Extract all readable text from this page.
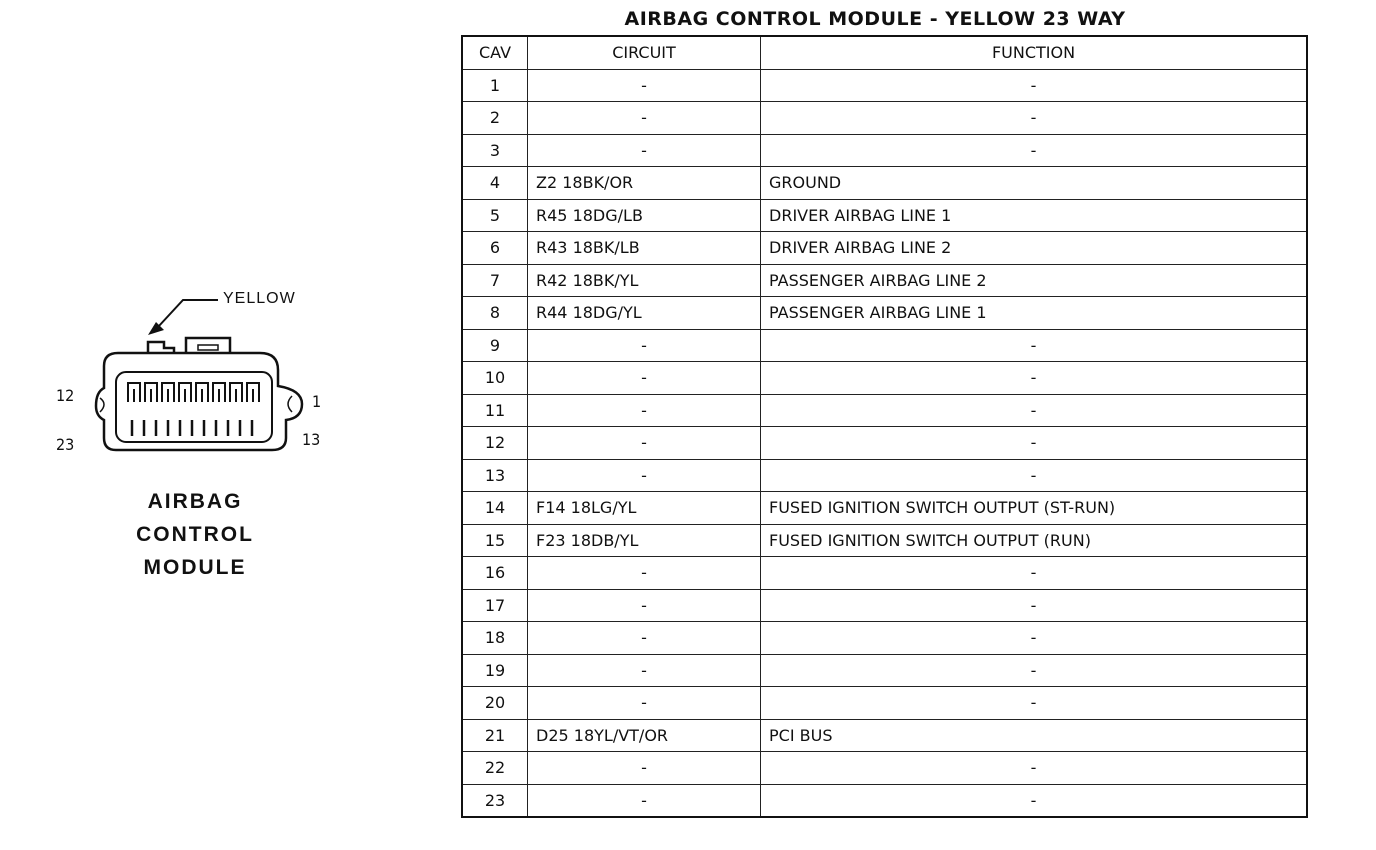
YELLOW
12	1
23	13
AIRBAG CONTROL
MODULE
AIRBAG CONTROL MODULE - YELLOW 23 WAY
CAV	CIRCUIT	FUNCTION
1	-	-
2	-	-
3	-	-
4	Z2 18BK/OR	GROUND
5	R45 18DG/LB	DRIVER AIRBAG LINE 1
6	R43 18BK/LB	DRIVER AIRBAG LINE 2
7	R42 18BK/YL	PASSENGER AIRBAG LINE 2
8	R44 18DG/YL	PASSENGER AIRBAG LINE 1
9	-	-
10	-	-
11	-	-
12	-	-
13	-	-
14	F14 18LG/YL	FUSED IGNITION SWITCH OUTPUT (ST-RUN)
15	F23 18DB/YL	FUSED IGNITION SWITCH OUTPUT (RUN)
16	-	-
17	-	-
18	-	-
19	-	-
20	-	-
21	D25 18YL/VT/OR	PCI BUS
22	-	-
23	-	-
